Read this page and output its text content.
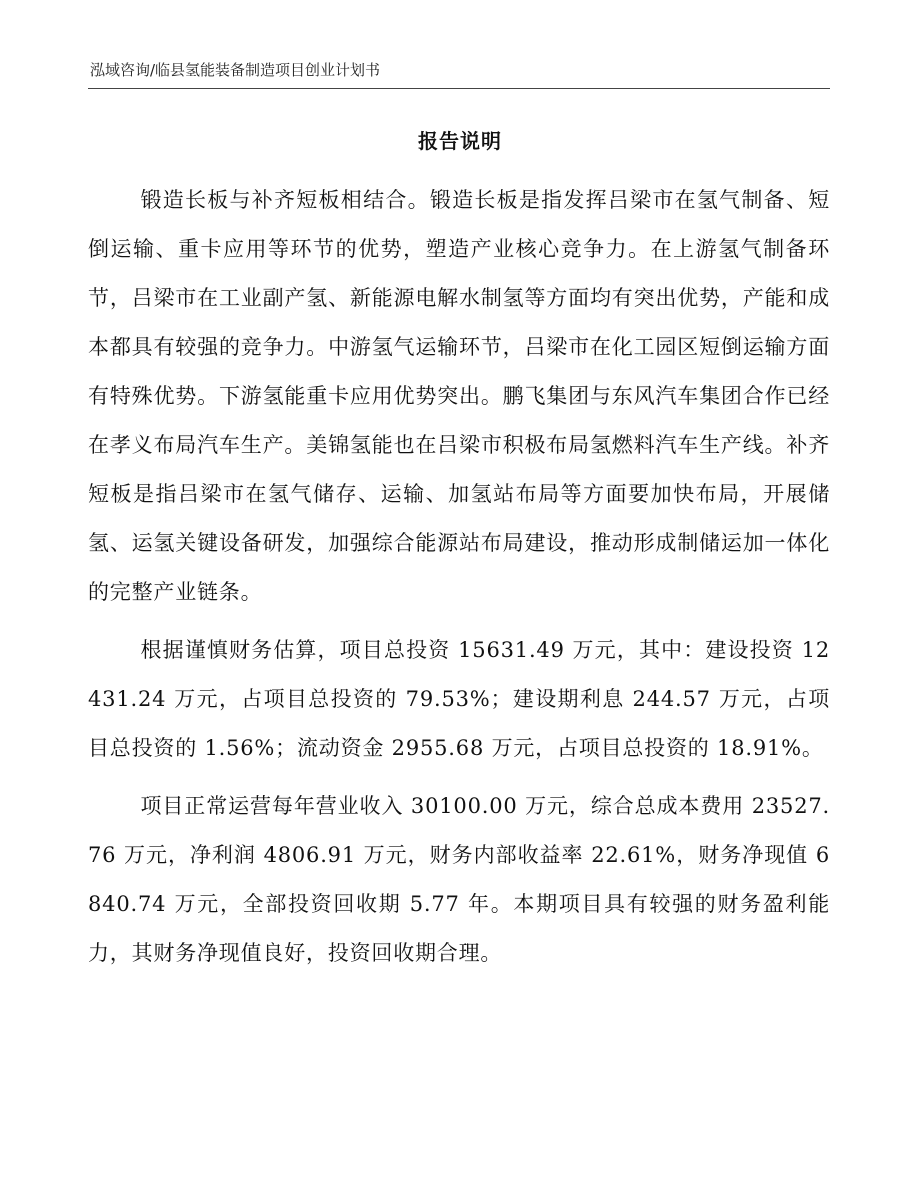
泓域咨询/临县氢能装备制造项目创业计划书
报告说明

锻造长板与补齐短板相结合。锻造长板是指发挥吕梁市在氢气制备、短倒运输、重卡应用等环节的优势，塑造产业核心竞争力。在上游氢气制备环节，吕梁市在工业副产氢、新能源电解水制氢等方面均有突出优势，产能和成本都具有较强的竞争力。中游氢气运输环节，吕梁市在化工园区短倒运输方面有特殊优势。下游氢能重卡应用优势突出。鹏飞集团与东风汽车集团合作已经在孝义布局汽车生产。美锦氢能也在吕梁市积极布局氢燃料汽车生产线。补齐短板是指吕梁市在氢气储存、运输、加氢站布局等方面要加快布局，开展储氢、运氢关键设备研发，加强综合能源站布局建设，推动形成制储运加一体化的完整产业链条。

根据谨慎财务估算，项目总投资 15631.49 万元，其中：建设投资 12431.24 万元，占项目总投资的 79.53%；建设期利息 244.57 万元，占项目总投资的 1.56%；流动资金 2955.68 万元，占项目总投资的 18.91%。

项目正常运营每年营业收入 30100.00 万元，综合总成本费用 23527.76 万元，净利润 4806.91 万元，财务内部收益率 22.61%，财务净现值 6840.74 万元，全部投资回收期 5.77 年。本期项目具有较强的财务盈利能力，其财务净现值良好，投资回收期合理。
